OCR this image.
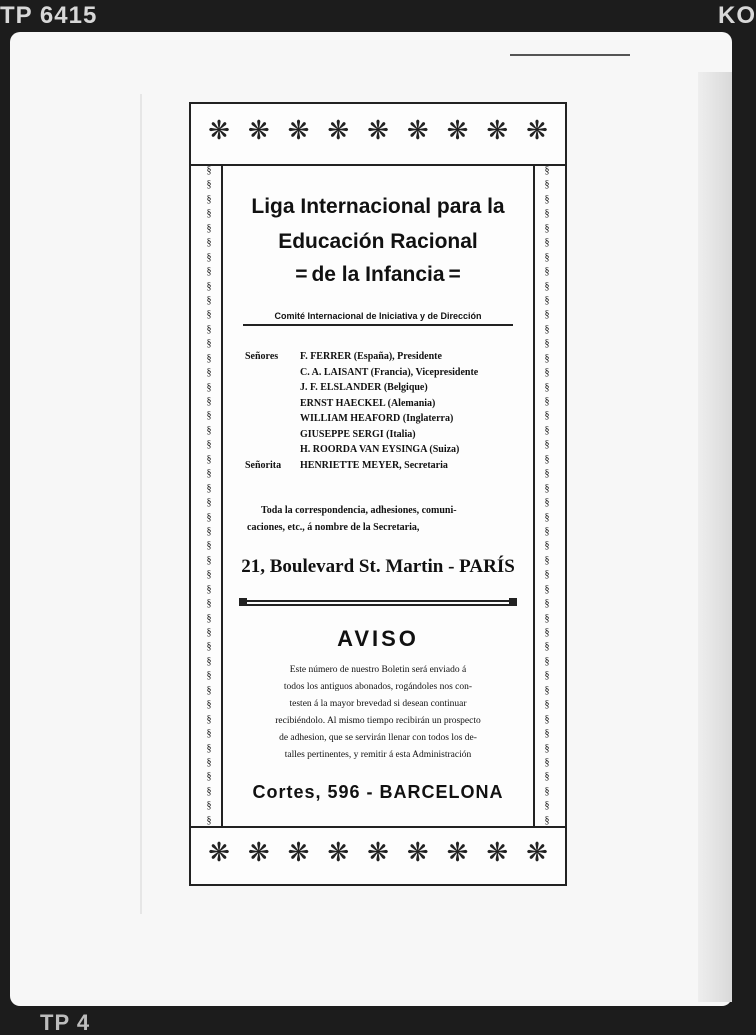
TP 6415	KO
TP 4
❋ ❋ ❋ ❋ ❋ ❋ ❋ ❋ ❋
§
§
§
§
§
§
§
§
§
§
§
§
§
§
§
§
§
§
§
§
§
§
§
§
§
§
§
§
§
§
§
§
§
§
§
§
§
§
§
§
§
§
§
§
§
§
§
§
§
§
§
§
§
§
§
§
§
§
§
§
§
§
§
§
§
§
§
§
§
§
§
§
§
§
§
§
§
§
§
§
§
§
§
§
§
§
§
§
§
§
§
§
Liga Internacional para la
Educación Racional
= de la Infancia =
Comité Internacional de Iniciativa y de Dirección
Señores F. FERRER (España), Presidente
C. A. LAISANT (Francia), Vicepresidente
J. F. ELSLANDER (Belgique)
ERNST HAECKEL (Alemania)
WILLIAM HEAFORD (Inglaterra)
GIUSEPPE SERGI (Italia)
H. ROORDA VAN EYSINGA (Suiza)
Señorita HENRIETTE MEYER, Secretaria
Toda la correspondencia, adhesiones, comuni-
caciones, etc., á nombre de la Secretaria,
21, Boulevard St. Martin - PARÍS
AVISO
Este número de nuestro Boletin será enviado á
todos los antiguos abonados, rogándoles nos con-
testen á la mayor brevedad si desean continuar
recibiéndolo. Al mismo tiempo recibirán un prospecto
de adhesion, que se servirán llenar con todos los de-
talles pertinentes, y remitir á esta Administración
Cortes, 596 - BARCELONA
❋ ❋ ❋ ❋ ❋ ❋ ❋ ❋ ❋
